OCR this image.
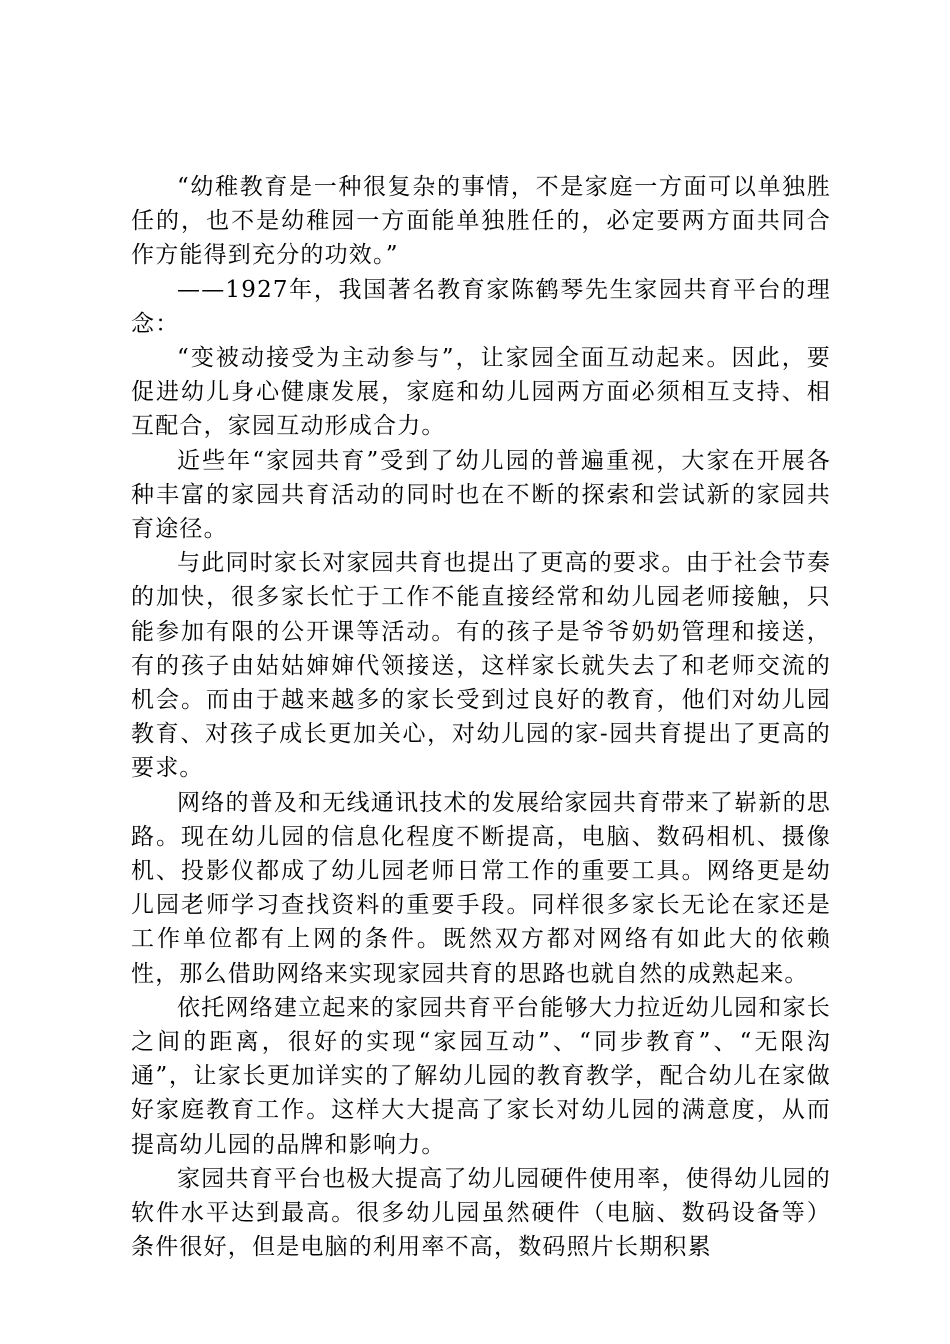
“幼稚教育是一种很复杂的事情，不是家庭一方面可以单独胜任的，也不是幼稚园一方面能单独胜任的，必定要两方面共同合作方能得到充分的功效。”

——1927年，我国著名教育家陈鹤琴先生家园共育平台的理念：

“变被动接受为主动参与”，让家园全面互动起来。因此，要促进幼儿身心健康发展，家庭和幼儿园两方面必须相互支持、相互配合，家园互动形成合力。

近些年“家园共育”受到了幼儿园的普遍重视，大家在开展各种丰富的家园共育活动的同时也在不断的探索和尝试新的家园共育途径。

与此同时家长对家园共育也提出了更高的要求。由于社会节奏的加快，很多家长忙于工作不能直接经常和幼儿园老师接触，只能参加有限的公开课等活动。有的孩子是爷爷奶奶管理和接送，有的孩子由姑姑婶婶代领接送，这样家长就失去了和老师交流的机会。而由于越来越多的家长受到过良好的教育，他们对幼儿园教育、对孩子成长更加关心，对幼儿园的家-园共育提出了更高的要求。

网络的普及和无线通讯技术的发展给家园共育带来了崭新的思路。现在幼儿园的信息化程度不断提高，电脑、数码相机、摄像机、投影仪都成了幼儿园老师日常工作的重要工具。网络更是幼儿园老师学习查找资料的重要手段。同样很多家长无论在家还是工作单位都有上网的条件。既然双方都对网络有如此大的依赖性，那么借助网络来实现家园共育的思路也就自然的成熟起来。

依托网络建立起来的家园共育平台能够大力拉近幼儿园和家长之间的距离，很好的实现“家园互动”、“同步教育”、“无限沟通”，让家长更加详实的了解幼儿园的教育教学，配合幼儿在家做好家庭教育工作。这样大大提高了家长对幼儿园的满意度，从而提高幼儿园的品牌和影响力。

家园共育平台也极大提高了幼儿园硬件使用率，使得幼儿园的软件水平达到最高。很多幼儿园虽然硬件（电脑、数码设备等）条件很好，但是电脑的利用率不高，数码照片长期积累
